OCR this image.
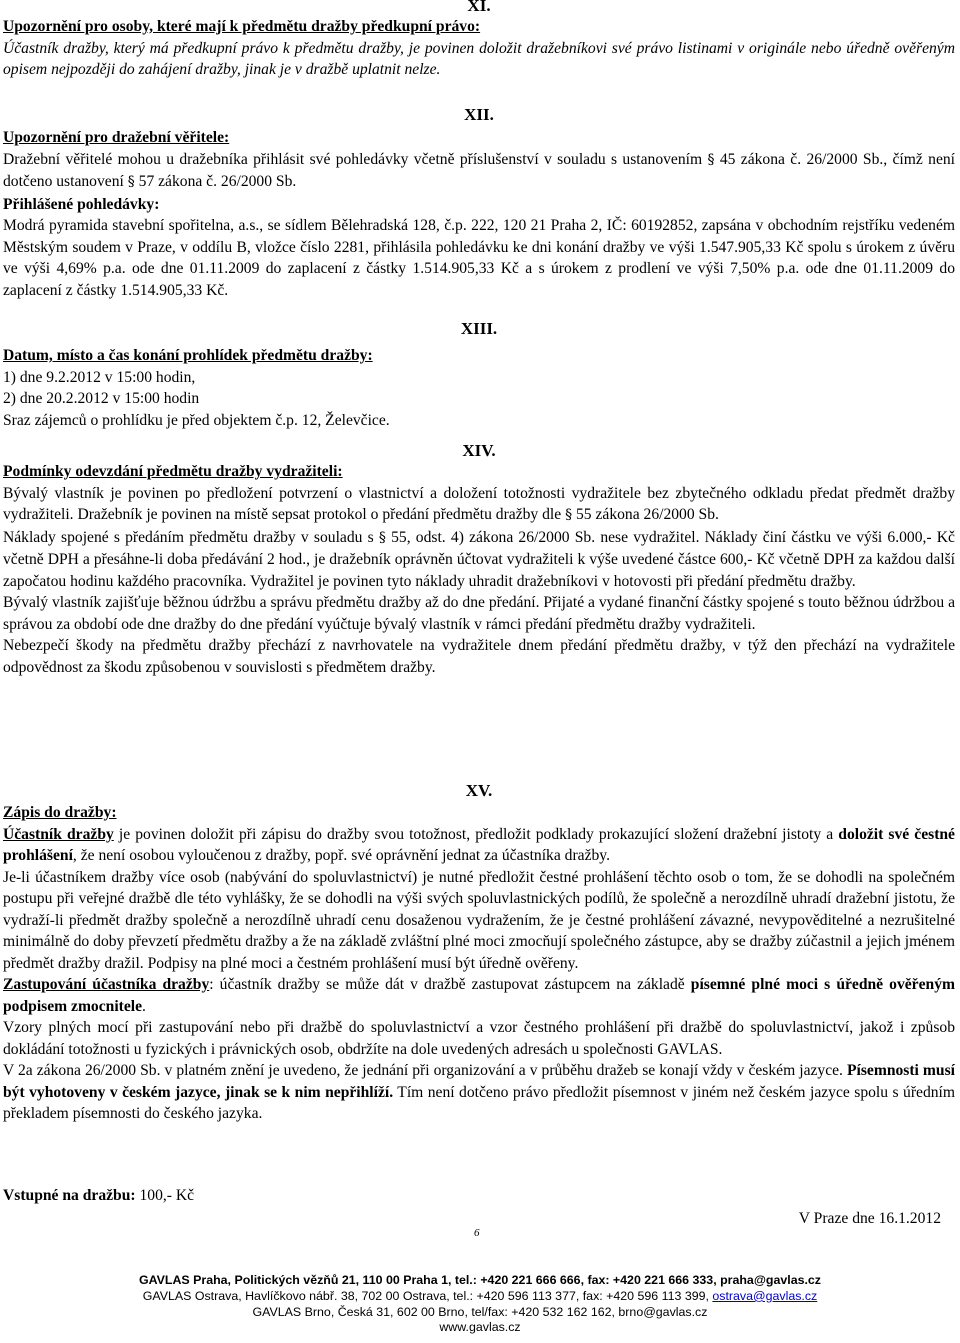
XI.

Upozornění pro osoby, které mají k předmětu dražby předkupní právo:

Účastník dražby, který má předkupní právo k předmětu dražby, je povinen doložit dražebníkovi své právo listinami v originále nebo úředně ověřeným opisem nejpozději do zahájení dražby, jinak je v dražbě uplatnit nelze.

XII.

Upozornění pro dražební věřitele:

Dražební věřitelé mohou u dražebníka přihlásit své pohledávky včetně příslušenství v souladu s ustanovením § 45 zákona č. 26/2000 Sb., čímž není dotčeno ustanovení § 57 zákona č. 26/2000 Sb.

Přihlášené pohledávky:

Modrá pyramida stavební spořitelna, a.s., se sídlem Bělehradská 128, č.p. 222, 120 21 Praha 2, IČ: 60192852, zapsána v obchodním rejstříku vedeném Městským soudem v Praze, v oddílu B, vložce číslo 2281, přihlásila pohledávku ke dni konání dražby ve výši 1.547.905,33 Kč spolu s úrokem z úvěru ve výši 4,69% p.a. ode dne 01.11.2009 do zaplacení z částky 1.514.905,33 Kč a s úrokem z prodlení ve výši 7,50% p.a. ode dne 01.11.2009 do zaplacení z částky 1.514.905,33 Kč.

XIII.

Datum, místo a čas konání prohlídek předmětu dražby:

1) dne 9.2.2012 v 15:00 hodin,

2) dne 20.2.2012 v 15:00 hodin

Sraz zájemců o prohlídku je před objektem č.p. 12, Želevčice.

XIV.

Podmínky odevzdání předmětu dražby vydražiteli:

Bývalý vlastník je povinen po předložení potvrzení o vlastnictví a doložení totožnosti vydražitele bez zbytečného odkladu předat předmět dražby vydražiteli. Dražebník je povinen na místě sepsat protokol o předání předmětu dražby dle § 55 zákona 26/2000 Sb.

Náklady spojené s předáním předmětu dražby v souladu s § 55, odst. 4) zákona 26/2000 Sb. nese vydražitel. Náklady činí částku ve výši 6.000,- Kč včetně DPH a přesáhne-li doba předávání 2 hod., je dražebník oprávněn účtovat vydražiteli k výše uvedené částce 600,- Kč včetně DPH za každou další započatou hodinu každého pracovníka. Vydražitel je povinen tyto náklady uhradit dražebníkovi v hotovosti při předání předmětu dražby.

Bývalý vlastník zajišťuje běžnou údržbu a správu předmětu dražby až do dne předání. Přijaté a vydané finanční částky spojené s touto běžnou údržbou a správou za období ode dne dražby do dne předání vyúčtuje bývalý vlastník v rámci předání předmětu dražby vydražiteli.

Nebezpečí škody na předmětu dražby přechází z navrhovatele na vydražitele dnem předání předmětu dražby, v týž den přechází na vydražitele odpovědnost za škodu způsobenou v souvislosti s předmětem dražby.

XV.

Zápis do dražby:

Účastník dražby je povinen doložit při zápisu do dražby svou totožnost, předložit podklady prokazující složení dražební jistoty a doložit své čestné prohlášení, že není osobou vyloučenou z dražby, popř. své oprávnění jednat za účastníka dražby.

Je-li účastníkem dražby více osob (nabývání do spoluvlastnictví) je nutné předložit čestné prohlášení těchto osob o tom, že se dohodli na společném postupu při veřejné dražbě dle této vyhlášky, že se dohodli na výši svých spoluvlastnických podílů, že společně a nerozdílně uhradí dražební jistotu, že vydraží-li předmět dražby společně a nerozdílně uhradí cenu dosaženou vydražením, že je čestné prohlášení závazné, nevypověditelné a nezrušitelné minimálně do doby převzetí předmětu dražby a že na základě zvláštní plné moci zmocňují společného zástupce, aby se dražby zúčastnil a jejich jménem předmět dražby dražil. Podpisy na plné moci a čestném prohlášení musí být úředně ověřeny.

Zastupování účastníka dražby: účastník dražby se může dát v dražbě zastupovat zástupcem na základě písemné plné moci s úředně ověřeným podpisem zmocnitele.

Vzory plných mocí při zastupování nebo při dražbě do spoluvlastnictví a vzor čestného prohlášení při dražbě do spoluvlastnictví, jakož i způsob dokládání totožnosti u fyzických i právnických osob, obdržíte na dole uvedených adresách u společnosti GAVLAS.

V 2a zákona 26/2000 Sb. v platném znění je uvedeno, že jednání při organizování a v průběhu dražeb se konají vždy v českém jazyce. Písemnosti musí být vyhotoveny v českém jazyce, jinak se k nim nepřihlíží. Tím není dotčeno právo předložit písemnost v jiném než českém jazyce spolu s úředním překladem písemnosti do českého jazyka.

Vstupné na dražbu: 100,- Kč

V Praze dne 16.1.2012
6
GAVLAS Praha, Politických vězňů 21, 110 00 Praha 1, tel.: +420 221 666 666, fax: +420 221 666 333, praha@gavlas.cz
GAVLAS Ostrava, Havlíčkovo nábř. 38, 702 00 Ostrava, tel.: +420 596 113 377, fax: +420 596 113 399, ostrava@gavlas.cz
GAVLAS Brno, Česká 31, 602 00 Brno, tel/fax: +420 532 162 162, brno@gavlas.cz
www.gavlas.cz
